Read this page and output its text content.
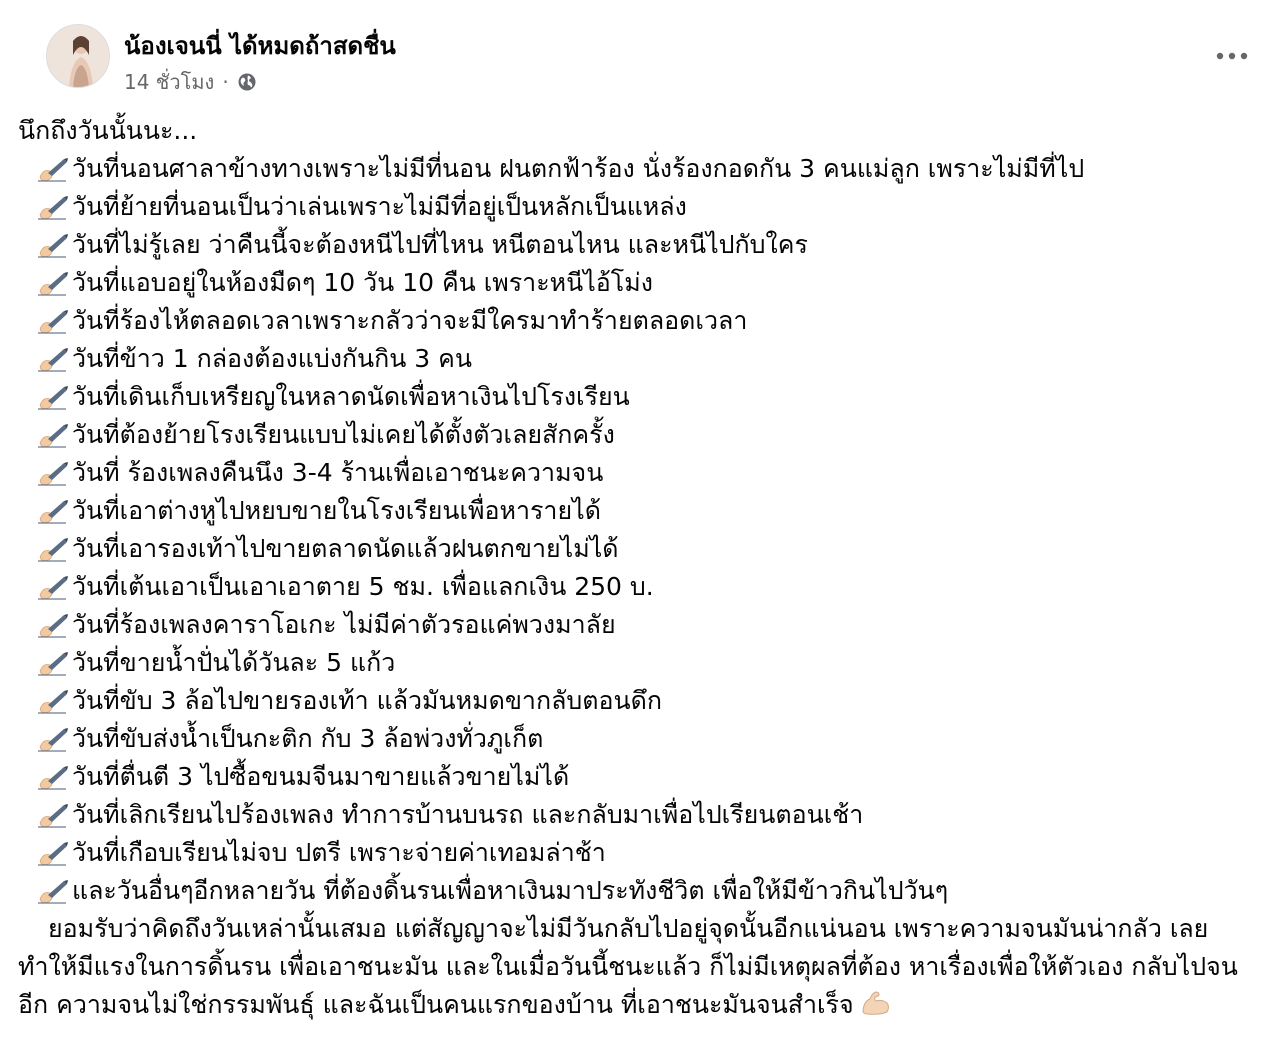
น้องเจนนี่ ได้หมดถ้าสดชื่น
14 ชั่วโมง ·
นึกถึงวันนั้นนะ...
วันที่นอนศาลาข้างทางเพราะไม่มีที่นอน ฝนตกฟ้าร้อง นั่งร้องกอดกัน 3 คนแม่ลูก เพราะไม่มีที่ไป
วันที่ย้ายที่นอนเป็นว่าเล่นเพราะไม่มีที่อยู่เป็นหลักเป็นแหล่ง
วันที่ไม่รู้เลย ว่าคืนนี้จะต้องหนีไปที่ไหน หนีตอนไหน และหนีไปกับใคร
วันที่แอบอยู่ในห้องมืดๆ 10 วัน 10 คืน เพราะหนีไอ้โม่ง
วันที่ร้องไห้ตลอดเวลาเพราะกลัวว่าจะมีใครมาทำร้ายตลอดเวลา
วันที่ข้าว 1 กล่องต้องแบ่งกันกิน 3 คน
วันที่เดินเก็บเหรียญในหลาดนัดเพื่อหาเงินไปโรงเรียน
วันที่ต้องย้ายโรงเรียนแบบไม่เคยได้ตั้งตัวเลยสักครั้ง
วันที่ ร้องเพลงคืนนึง 3-4 ร้านเพื่อเอาชนะความจน
วันที่เอาต่างหูไปหยบขายในโรงเรียนเพื่อหารายได้
วันที่เอารองเท้าไปขายตลาดนัดแล้วฝนตกขายไม่ได้
วันที่เต้นเอาเป็นเอาเอาตาย 5 ชม. เพื่อแลกเงิน 250 บ.
วันที่ร้องเพลงคาราโอเกะ ไม่มีค่าตัวรอแค่พวงมาลัย
วันที่ขายน้ำปั่นได้วันละ 5 แก้ว
วันที่ขับ 3 ล้อไปขายรองเท้า แล้วมันหมดขากลับตอนดึก
วันที่ขับส่งน้ำเป็นกะติก กับ 3 ล้อพ่วงทั่วภูเก็ต
วันที่ตื่นตี 3 ไปซื้อขนมจีนมาขายแล้วขายไม่ได้
วันที่เลิกเรียนไปร้องเพลง ทำการบ้านบนรถ และกลับมาเพื่อไปเรียนตอนเช้า
วันที่เกือบเรียนไม่จบ ปตรี เพราะจ่ายค่าเทอมล่าช้า
และวันอื่นๆอีกหลายวัน ที่ต้องดิ้นรนเพื่อหาเงินมาประทังชีวิต เพื่อให้มีข้าวกินไปวันๆ

ยอมรับว่าคิดถึงวันเหล่านั้นเสมอ แต่สัญญาจะไม่มีวันกลับไปอยู่จุดนั้นอีกแน่นอน เพราะความจนมันน่ากลัว เลยทำให้มีแรงในการดิ้นรน เพื่อเอาชนะมัน และในเมื่อวันนี้ชนะแล้ว ก็ไม่มีเหตุผลที่ต้อง หาเรื่องเพื่อให้ตัวเอง กลับไปจนอีก ความจนไม่ใช่กรรมพันธุ์ และฉันเป็นคนแรกของบ้าน ที่เอาชนะมันจนสำเร็จ
